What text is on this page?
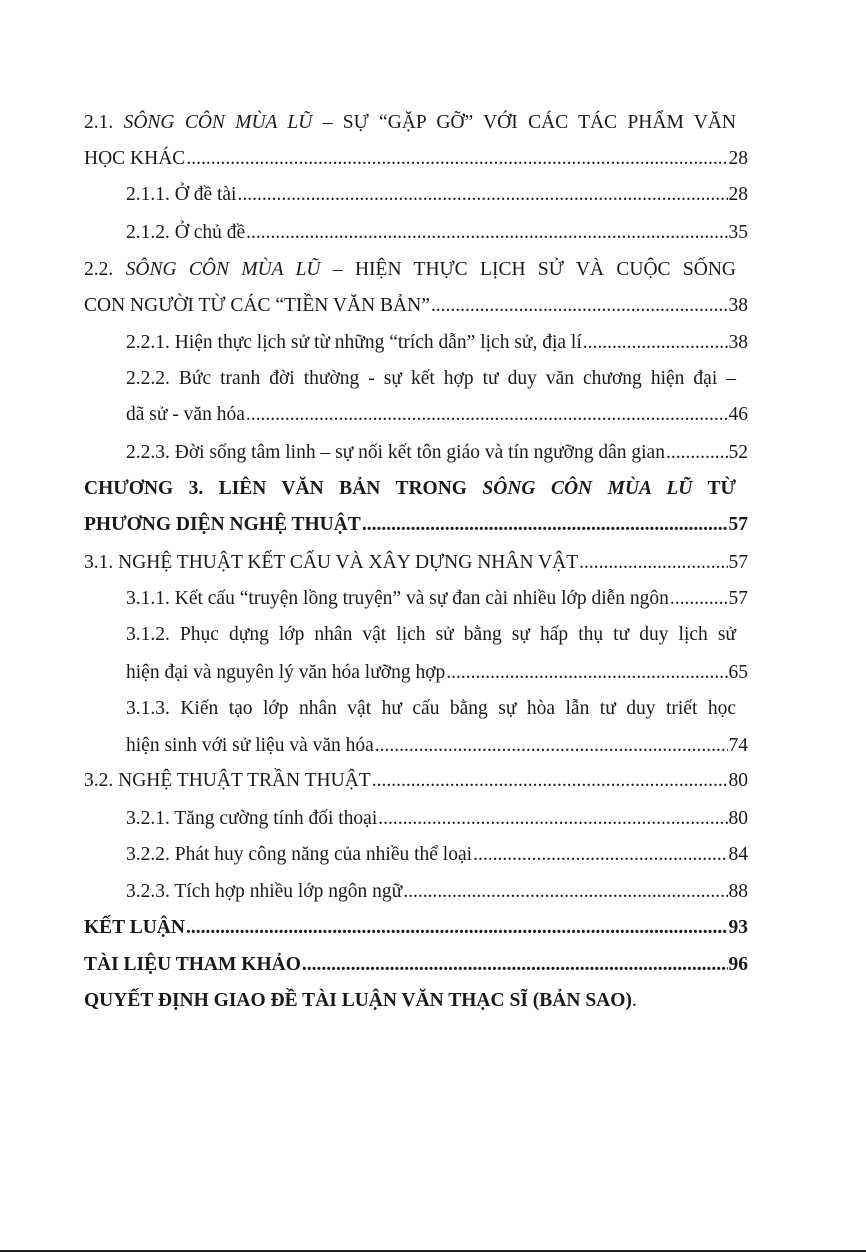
2.1. SÔNG CÔN MÙA LŨ – SỰ “GẶP GỠ” VỚI CÁC TÁC PHẨM VĂN
HỌC KHÁC .....	28
2.1.1. Ở đề tài .....	28
2.1.2. Ở chủ đề .....	35
2.2. SÔNG CÔN MÙA LŨ – HIỆN THỰC LỊCH SỬ VÀ CUỘC SỐNG
CON NGƯỜI TỪ CÁC “TIỀN VĂN BẢN” .....	38
2.2.1. Hiện thực lịch sử từ những “trích dẫn” lịch sử, địa lí .....	38
2.2.2. Bức tranh đời thường - sự kết hợp tư duy văn chương hiện đại –
dã sử - văn hóa .....	46
2.2.3. Đời sống tâm linh – sự nối kết tôn giáo và tín ngưỡng dân gian .....	52
CHƯƠNG 3. LIÊN VĂN BẢN TRONG SÔNG CÔN MÙA LŨ TỪ
PHƯƠNG DIỆN NGHỆ THUẬT .....	57
3.1. NGHỆ THUẬT KẾT CẤU VÀ XÂY DỰNG NHÂN VẬT .....	57
3.1.1. Kết cấu “truyện lồng truyện” và sự đan cài nhiều lớp diễn ngôn .....	57
3.1.2. Phục dựng lớp nhân vật lịch sử bằng sự hấp thụ tư duy lịch sử
hiện đại và nguyên lý văn hóa lưỡng hợp .....	65
3.1.3. Kiến tạo lớp nhân vật hư cấu bằng sự hòa lẫn tư duy triết học
hiện sinh với sử liệu và văn hóa .....	74
3.2. NGHỆ THUẬT TRẦN THUẬT .....	80
3.2.1. Tăng cường tính đối thoại .....	80
3.2.2. Phát huy công năng của nhiều thể loại .....	84
3.2.3. Tích hợp nhiều lớp ngôn ngữ .....	88
KẾT LUẬN .....	93
TÀI LIỆU THAM KHẢO .....	96
QUYẾT ĐỊNH GIAO ĐỀ TÀI LUẬN VĂN THẠC SĨ (BẢN SAO).
